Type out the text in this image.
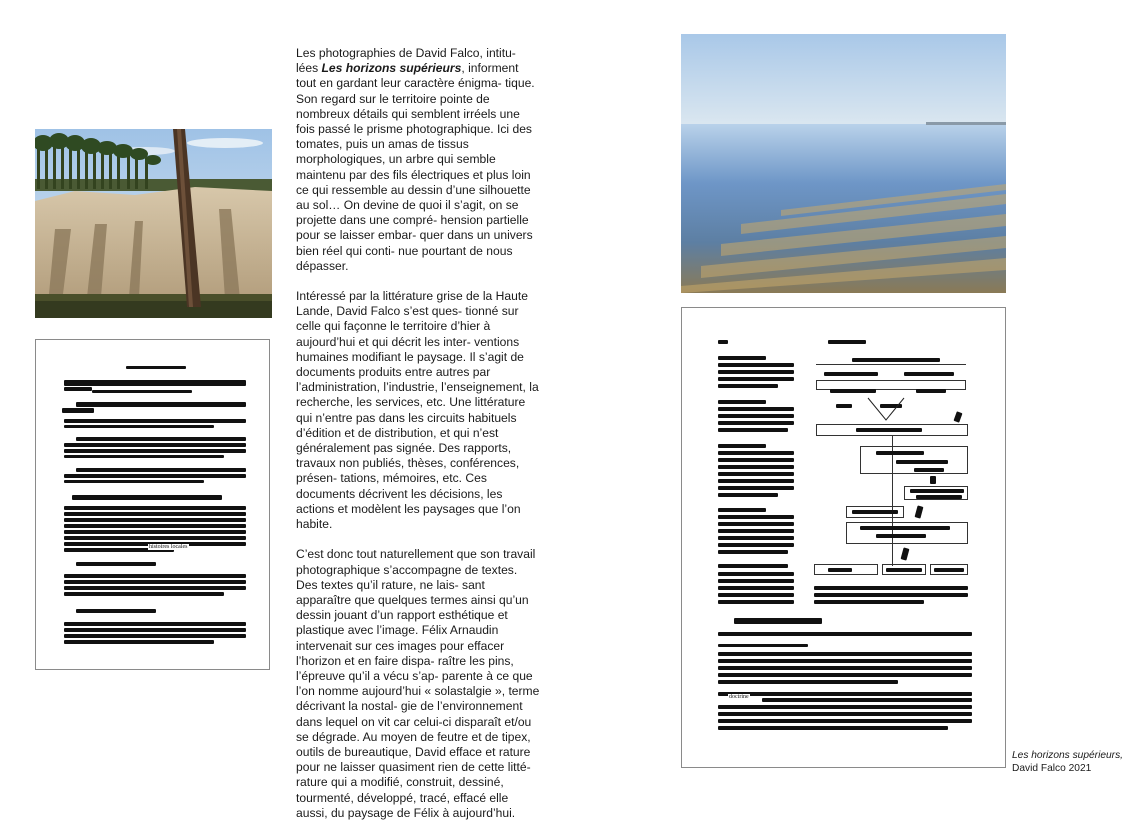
histoires locales

Les photographies de David Falco, intitu- lées Les horizons supérieurs, informent tout en gardant leur caractère énigma- tique. Son regard sur le territoire pointe de nombreux détails qui semblent irréels une fois passé le prisme photographique. Ici des tomates, puis un amas de tissus morphologiques, un arbre qui semble maintenu par des fils électriques et plus loin ce qui ressemble au dessin d’une silhouette au sol… On devine de quoi il s’agit, on se projette dans une compré- hension partielle pour se laisser embar- quer dans un univers bien réel qui conti- nue pourtant de nous dépasser.

Intéressé par la littérature grise de la Haute Lande, David Falco s’est ques- tionné sur celle qui façonne le territoire d’hier à aujourd’hui et qui décrit les inter- ventions humaines modifiant le paysage. Il s’agit de documents produits entre autres par l’administration, l’industrie, l’enseignement, la recherche, les services, etc. Une littérature qui n’entre pas dans les circuits habituels d’édition et de distribution, et qui n’est généralement pas signée. Des rapports, travaux non publiés, thèses, conférences, présen- tations, mémoires, etc. Ces documents décrivent les décisions, les actions et modèlent les paysages que l’on habite.

C’est donc tout naturellement que son travail photographique s’accompagne de textes. Des textes qu’il rature, ne lais- sant apparaître que quelques termes ainsi qu’un dessin jouant d’un rapport esthétique et plastique avec l’image. Félix Arnaudin intervenait sur ces images pour effacer l’horizon et en faire dispa- raître les pins, l’épreuve qu’il a vécu s’ap- parente à ce que l’on nomme aujourd’hui « solastalgie », terme décrivant la nostal- gie de l’environnement dans lequel on vit car celui-ci disparaît et/ou se dégrade. Au moyen de feutre et de tipex, outils de bureautique, David efface et rature pour ne laisser quasiment rien de cette litté- rature qui a modifié, construit, dessiné, tourmenté, développé, tracé, effacé elle aussi, du paysage de Félix à aujourd’hui.

doctrine
Les horizons supérieurs,
David Falco 2021
